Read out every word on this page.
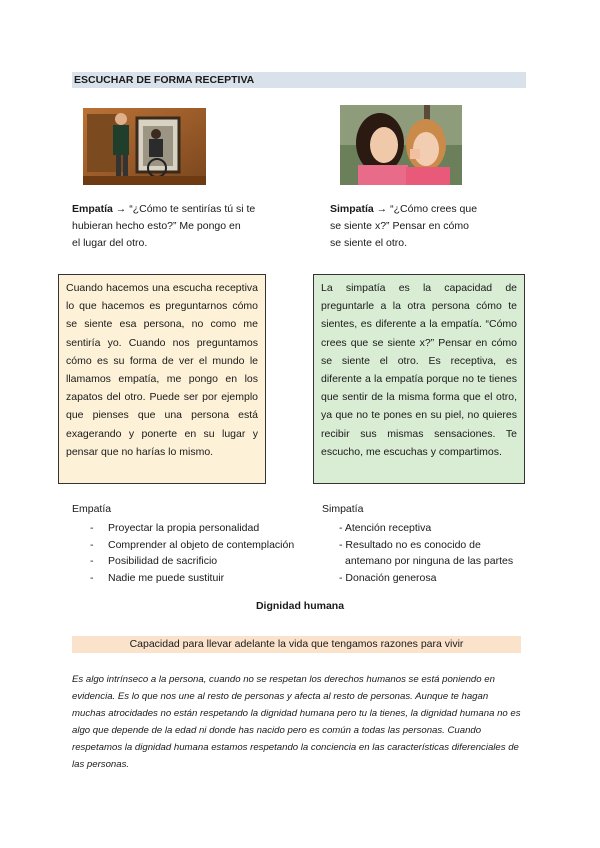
ESCUCHAR DE FORMA RECEPTIVA
Empatía → “¿Cómo te sentirías tú si te
hubieran hecho esto?” Me pongo en
el lugar del otro.
Simpatía → “¿Cómo crees que
se siente x?” Pensar en cómo
se siente el otro.
Cuando hacemos una escucha receptiva lo que hacemos es preguntarnos cómo se siente esa persona, no como me sentiría yo. Cuando nos preguntamos cómo es su forma de ver el mundo le llamamos empatía, me pongo en los zapatos del otro. Puede ser por ejemplo que pienses que una persona está exagerando y ponerte en su lugar y pensar que no harías lo mismo.
La simpatía es la capacidad de preguntarle a la otra persona cómo te sientes, es diferente a la empatía. “Cómo crees que se siente x?” Pensar en cómo se siente el otro. Es receptiva, es diferente a la empatía porque no te tienes que sentir de la misma forma que el otro, ya que no te pones en su piel, no quieres recibir sus mismas sensaciones. Te escucho, me escuchas y compartimos.
Empatía
- Proyectar la propia personalidad
- Comprender al objeto de contemplación
- Posibilidad de sacrificio
- Nadie me puede sustituir
Simpatía
- Atención receptiva
- Resultado no es conocido de
antemano por ninguna de las partes
- Donación generosa
Dignidad humana
Capacidad para llevar adelante la vida que tengamos razones para vivir
Es algo intrínseco a la persona, cuando no se respetan los derechos humanos se está poniendo en evidencia. Es lo que nos une al resto de personas y afecta al resto de personas. Aunque te hagan muchas atrocidades no están respetando la dignidad humana pero tu la tienes, la dignidad humana no es algo que depende de la edad ni donde has nacido pero es común a todas las personas. Cuando respetamos la dignidad humana estamos respetando la conciencia en las características diferenciales de las personas.
